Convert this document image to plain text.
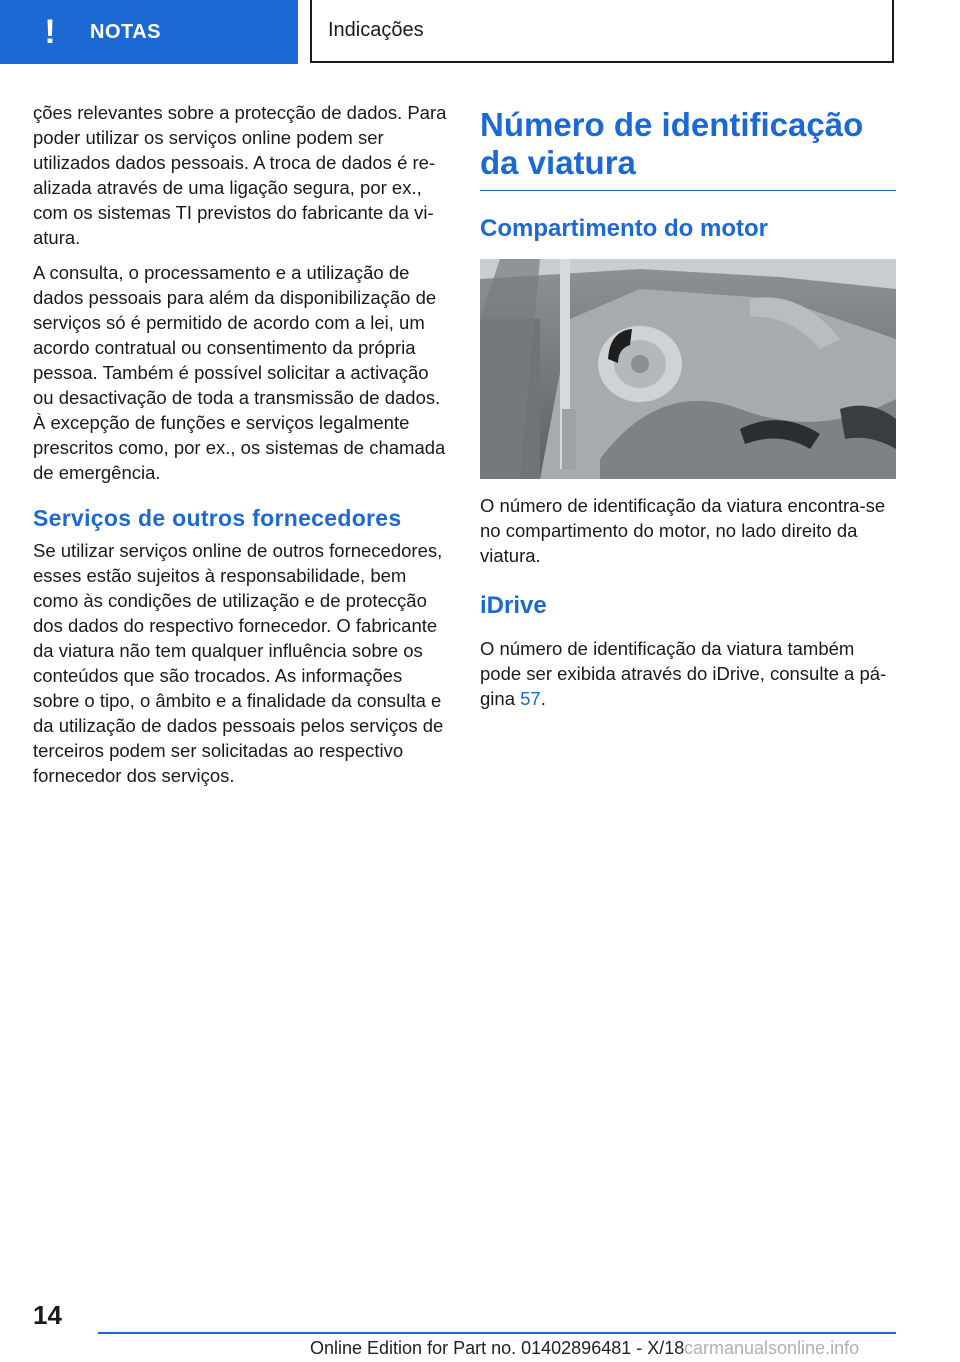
! NOTAS	Indicações

ções relevantes sobre a protecção de dados. Para poder utilizar os serviços online podem ser utilizados dados pessoais. A troca de dados é realizada através de uma ligação segura, por ex., com os sistemas TI previstos do fabricante da viatura.

A consulta, o processamento e a utilização de dados pessoais para além da disponibilização de serviços só é permitido de acordo com a lei, um acordo contratual ou consentimento da própria pessoa. Também é possível solicitar a activação ou desactivação de toda a transmissão de dados. À excepção de funções e serviços legalmente prescritos como, por ex., os sistemas de chamada de emergência.

Serviços de outros fornecedores

Se utilizar serviços online de outros fornecedores, esses estão sujeitos à responsabilidade, bem como às condições de utilização e de protecção dos dados do respectivo fornecedor. O fabricante da viatura não tem qualquer influência sobre os conteúdos que são trocados. As informações sobre o tipo, o âmbito e a finalidade da consulta e da utilização de dados pessoais pelos serviços de terceiros podem ser solicitadas ao respectivo fornecedor dos serviços.

Número de identificação da viatura
Compartimento do motor

O número de identificação da viatura encontra-se no compartimento do motor, no lado direito da viatura.

iDrive

O número de identificação da viatura também pode ser exibida através do iDrive, consulte a página 57.

14
Online Edition for Part no. 01402896481 - X/18 carmanualsonline.info
